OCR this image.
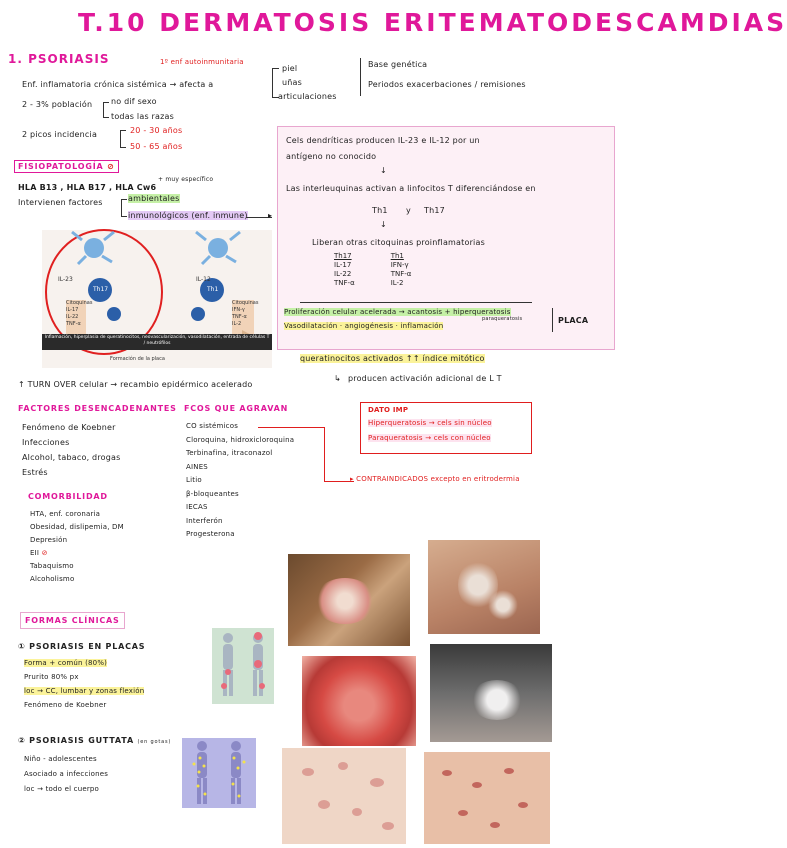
T.10 DERMATOSIS ERITEMATODESCAMDIAS
1. PSORIASIS	1º enf autoinmunitaria
Enf. inflamatoria crónica sistémica → afecta a
piel
uñas
articulaciones
Base genética
Periodos exacerbaciones / remisiones
2 - 3% población no dif sexo
todas las razas
2 picos incidencia	20 - 30 años
50 - 65 años
FISIOPATOLOGÍA ⊘
HLA B13 , HLA B17 , HLA Cw6
+ muy específico
Intervienen factores	ambientales
inmunológicos (enf. inmune)	▸
IL-23	IL-12
Th17	Th1
Citoquinas
IL-17
IL-22
TNF-α
Citoquinas
IFN-γ
TNF-α
IL-2
Inflamación, hiperplasia de queratinocitos, neovascularización, vasodilatación, entrada de células T / neutrófilos
Formación de la placa
Cels dendríticas producen IL-23 e IL-12 por un
antígeno no conocido
↓
Las interleuquinas activan a linfocitos T diferenciándose en
Th1 y Th17
↓
Liberan otras citoquinas proinflamatorias
Th17		Th1
IL-17		IFN-γ
IL-22		TNF-α
TNF-α		IL-2
Proliferación celular acelerada → acantosis + hiperqueratosis
Vasodilatación · angiogénesis · inflamación
paraqueratosis	PLACA
queratinocitos activados ↑↑ índice mitótico
producen activación adicional de L T
↳
↑ TURN OVER celular → recambio epidérmico acelerado
FACTORES DESENCADENANTES
Fenómeno de Koebner
Infecciones
Alcohol, tabaco, drogas
Estrés
FCOS QUE AGRAVAN
CO sistémicos
Cloroquina, hidroxicloroquina
Terbinafina, itraconazol
AINES
Litio
β-bloqueantes
IECAS
Interferón
Progesterona
▸ CONTRAINDICADOS excepto en eritrodermia
DATO IMP
Hiperqueratosis → cels sin núcleo
Paraqueratosis → cels con núcleo
COMORBILIDAD
HTA, enf. coronaria
Obesidad, dislipemia, DM
Depresión
EII ⊘
Tabaquismo
Alcoholismo
FORMAS CLÍNICAS
① PSORIASIS EN PLACAS
Forma + común (80%)
Prurito 80% px
loc → CC, lumbar y zonas flexión
Fenómeno de Koebner
② PSORIASIS GUTTATA (en gotas)
Niño - adolescentes
Asociado a infecciones
loc → todo el cuerpo
